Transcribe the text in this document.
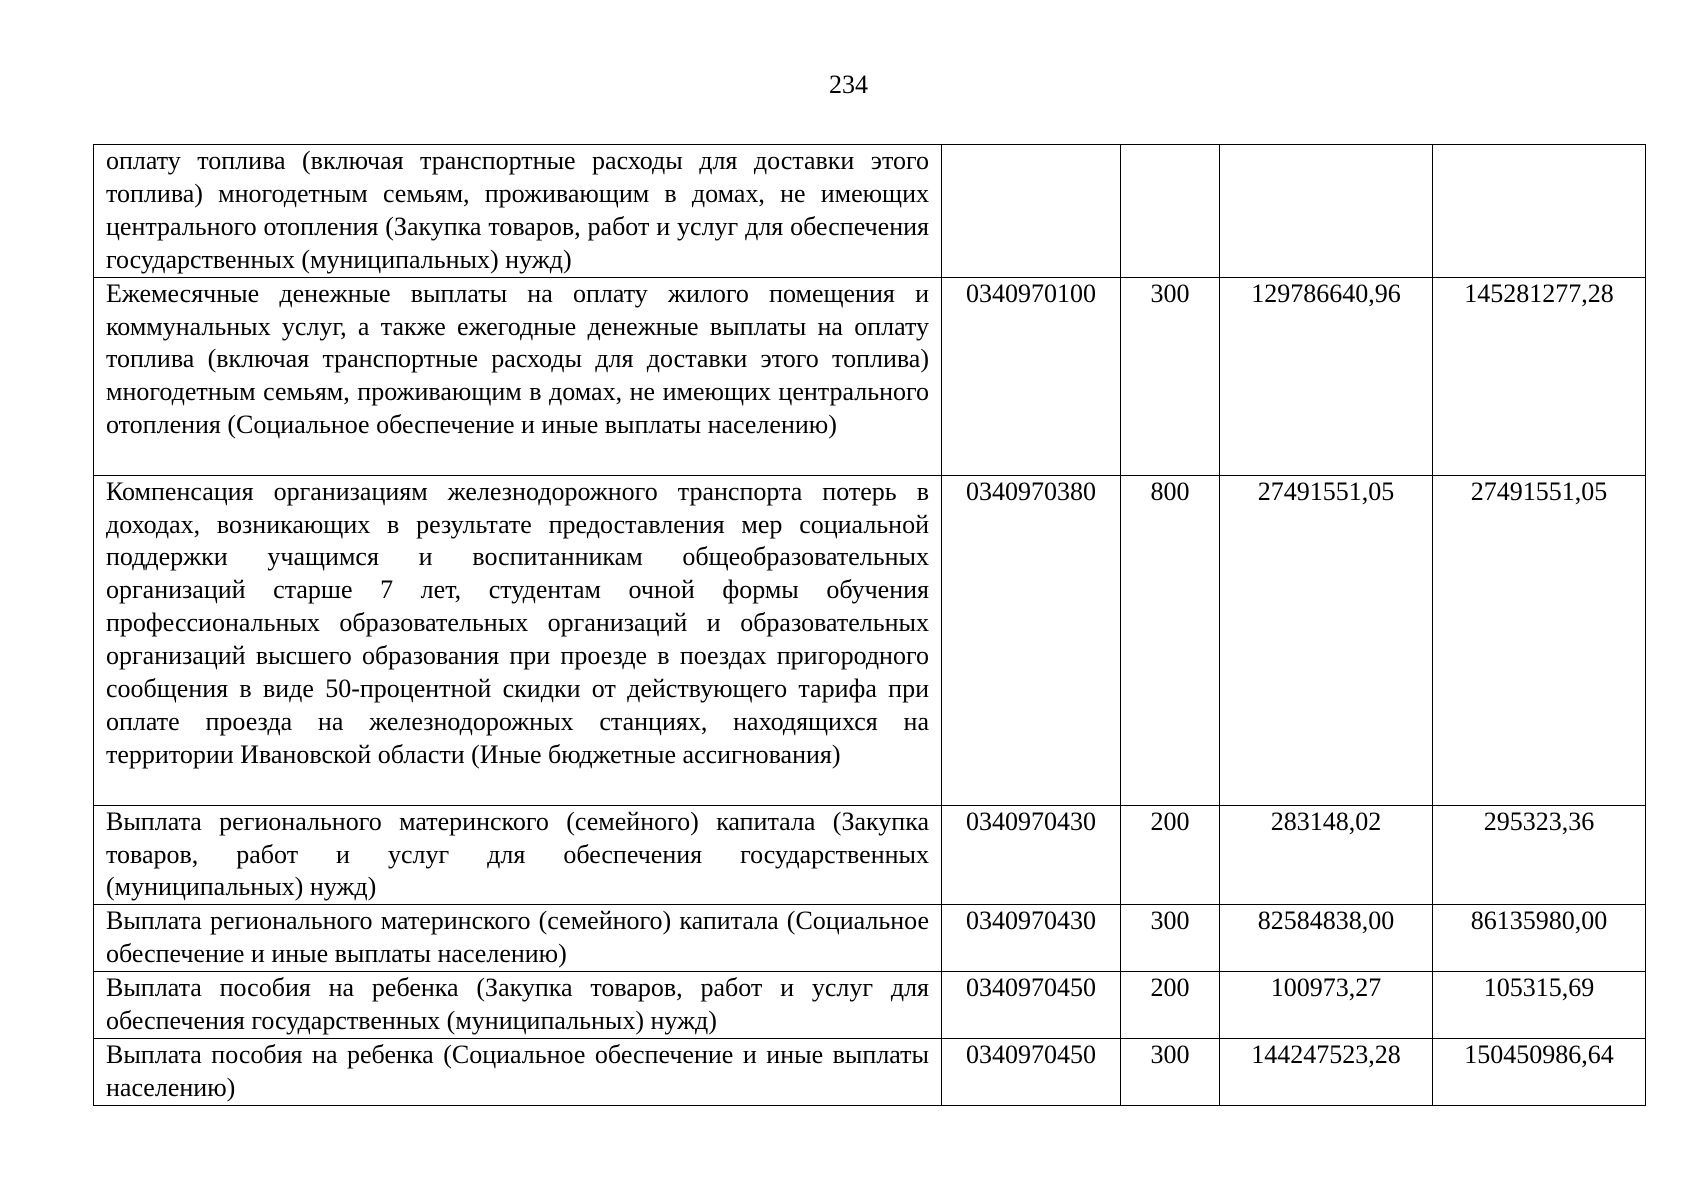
234
оплату топлива (включая транспортные расходы для доставки этого топлива) многодетным семьям, проживающим в домах, не имеющих центрального отопления (Закупка товаров, работ и услуг для обеспечения государственных (муниципальных) нужд)				
Ежемесячные денежные выплаты на оплату жилого помещения и коммунальных услуг, а также ежегодные денежные выплаты на оплату топлива (включая транспортные расходы для доставки этого топлива) многодетным семьям, проживающим в домах, не имеющих центрального отопления (Социальное обеспечение и иные выплаты населению)	0340970100	300	129786640,96	145281277,28
Компенсация организациям железнодорожного транспорта потерь в доходах, возникающих в результате предоставления мер социальной поддержки учащимся и воспитанникам общеобразовательных организаций старше 7 лет, студентам очной формы обучения профессиональных образовательных организаций и образовательных организаций высшего образования при проезде в поездах пригородного сообщения в виде 50-процентной скидки от действующего тарифа при оплате проезда на железнодорожных станциях, находящихся на территории Ивановской области (Иные бюджетные ассигнования)	0340970380	800	27491551,05	27491551,05
Выплата регионального материнского (семейного) капитала (Закупка товаров, работ и услуг для обеспечения государственных (муниципальных) нужд)	0340970430	200	283148,02	295323,36
Выплата регионального материнского (семейного) капитала (Социальное обеспечение и иные выплаты населению)	0340970430	300	82584838,00	86135980,00
Выплата пособия на ребенка (Закупка товаров, работ и услуг для обеспечения государственных (муниципальных) нужд)	0340970450	200	100973,27	105315,69
Выплата пособия на ребенка (Социальное обеспечение и иные выплаты населению)	0340970450	300	144247523,28	150450986,64
